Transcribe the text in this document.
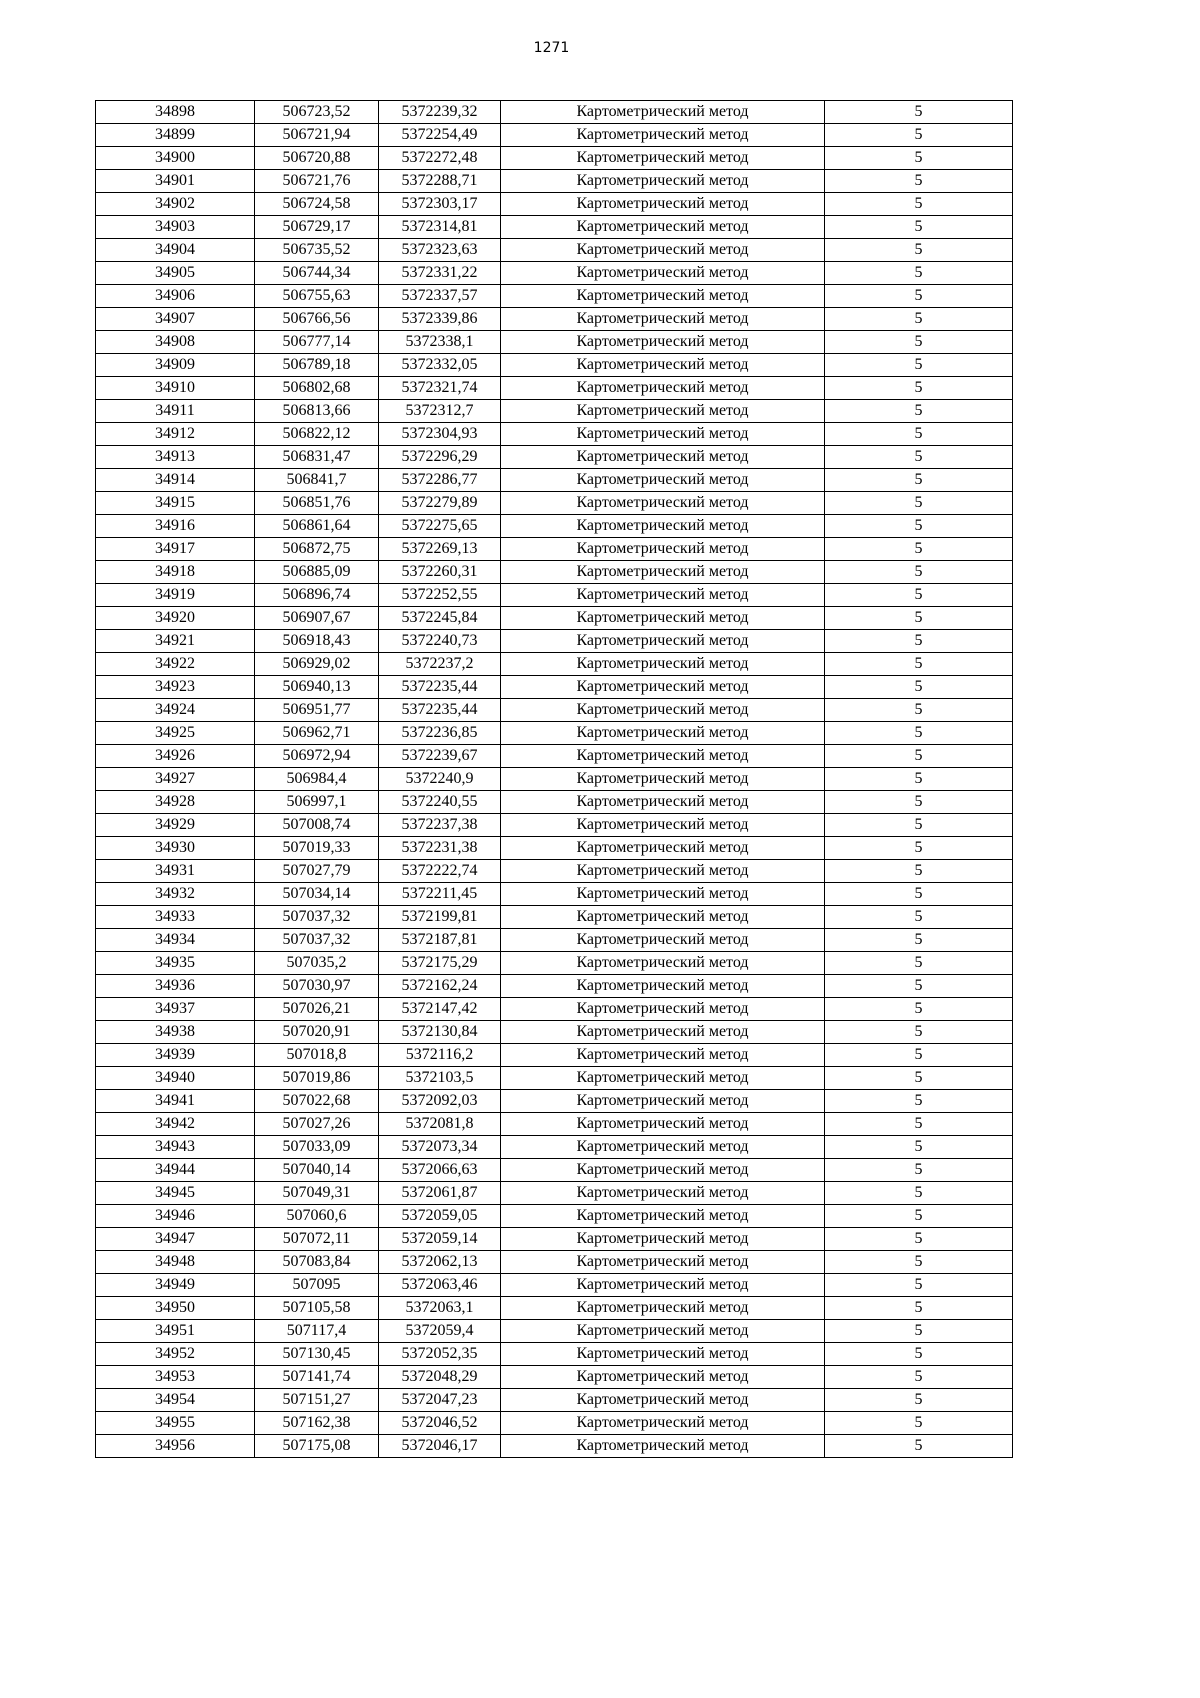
1271
34898	506723,52	5372239,32	Картометрический метод	5
34899	506721,94	5372254,49	Картометрический метод	5
34900	506720,88	5372272,48	Картометрический метод	5
34901	506721,76	5372288,71	Картометрический метод	5
34902	506724,58	5372303,17	Картометрический метод	5
34903	506729,17	5372314,81	Картометрический метод	5
34904	506735,52	5372323,63	Картометрический метод	5
34905	506744,34	5372331,22	Картометрический метод	5
34906	506755,63	5372337,57	Картометрический метод	5
34907	506766,56	5372339,86	Картометрический метод	5
34908	506777,14	5372338,1	Картометрический метод	5
34909	506789,18	5372332,05	Картометрический метод	5
34910	506802,68	5372321,74	Картометрический метод	5
34911	506813,66	5372312,7	Картометрический метод	5
34912	506822,12	5372304,93	Картометрический метод	5
34913	506831,47	5372296,29	Картометрический метод	5
34914	506841,7	5372286,77	Картометрический метод	5
34915	506851,76	5372279,89	Картометрический метод	5
34916	506861,64	5372275,65	Картометрический метод	5
34917	506872,75	5372269,13	Картометрический метод	5
34918	506885,09	5372260,31	Картометрический метод	5
34919	506896,74	5372252,55	Картометрический метод	5
34920	506907,67	5372245,84	Картометрический метод	5
34921	506918,43	5372240,73	Картометрический метод	5
34922	506929,02	5372237,2	Картометрический метод	5
34923	506940,13	5372235,44	Картометрический метод	5
34924	506951,77	5372235,44	Картометрический метод	5
34925	506962,71	5372236,85	Картометрический метод	5
34926	506972,94	5372239,67	Картометрический метод	5
34927	506984,4	5372240,9	Картометрический метод	5
34928	506997,1	5372240,55	Картометрический метод	5
34929	507008,74	5372237,38	Картометрический метод	5
34930	507019,33	5372231,38	Картометрический метод	5
34931	507027,79	5372222,74	Картометрический метод	5
34932	507034,14	5372211,45	Картометрический метод	5
34933	507037,32	5372199,81	Картометрический метод	5
34934	507037,32	5372187,81	Картометрический метод	5
34935	507035,2	5372175,29	Картометрический метод	5
34936	507030,97	5372162,24	Картометрический метод	5
34937	507026,21	5372147,42	Картометрический метод	5
34938	507020,91	5372130,84	Картометрический метод	5
34939	507018,8	5372116,2	Картометрический метод	5
34940	507019,86	5372103,5	Картометрический метод	5
34941	507022,68	5372092,03	Картометрический метод	5
34942	507027,26	5372081,8	Картометрический метод	5
34943	507033,09	5372073,34	Картометрический метод	5
34944	507040,14	5372066,63	Картометрический метод	5
34945	507049,31	5372061,87	Картометрический метод	5
34946	507060,6	5372059,05	Картометрический метод	5
34947	507072,11	5372059,14	Картометрический метод	5
34948	507083,84	5372062,13	Картометрический метод	5
34949	507095	5372063,46	Картометрический метод	5
34950	507105,58	5372063,1	Картометрический метод	5
34951	507117,4	5372059,4	Картометрический метод	5
34952	507130,45	5372052,35	Картометрический метод	5
34953	507141,74	5372048,29	Картометрический метод	5
34954	507151,27	5372047,23	Картометрический метод	5
34955	507162,38	5372046,52	Картометрический метод	5
34956	507175,08	5372046,17	Картометрический метод	5
